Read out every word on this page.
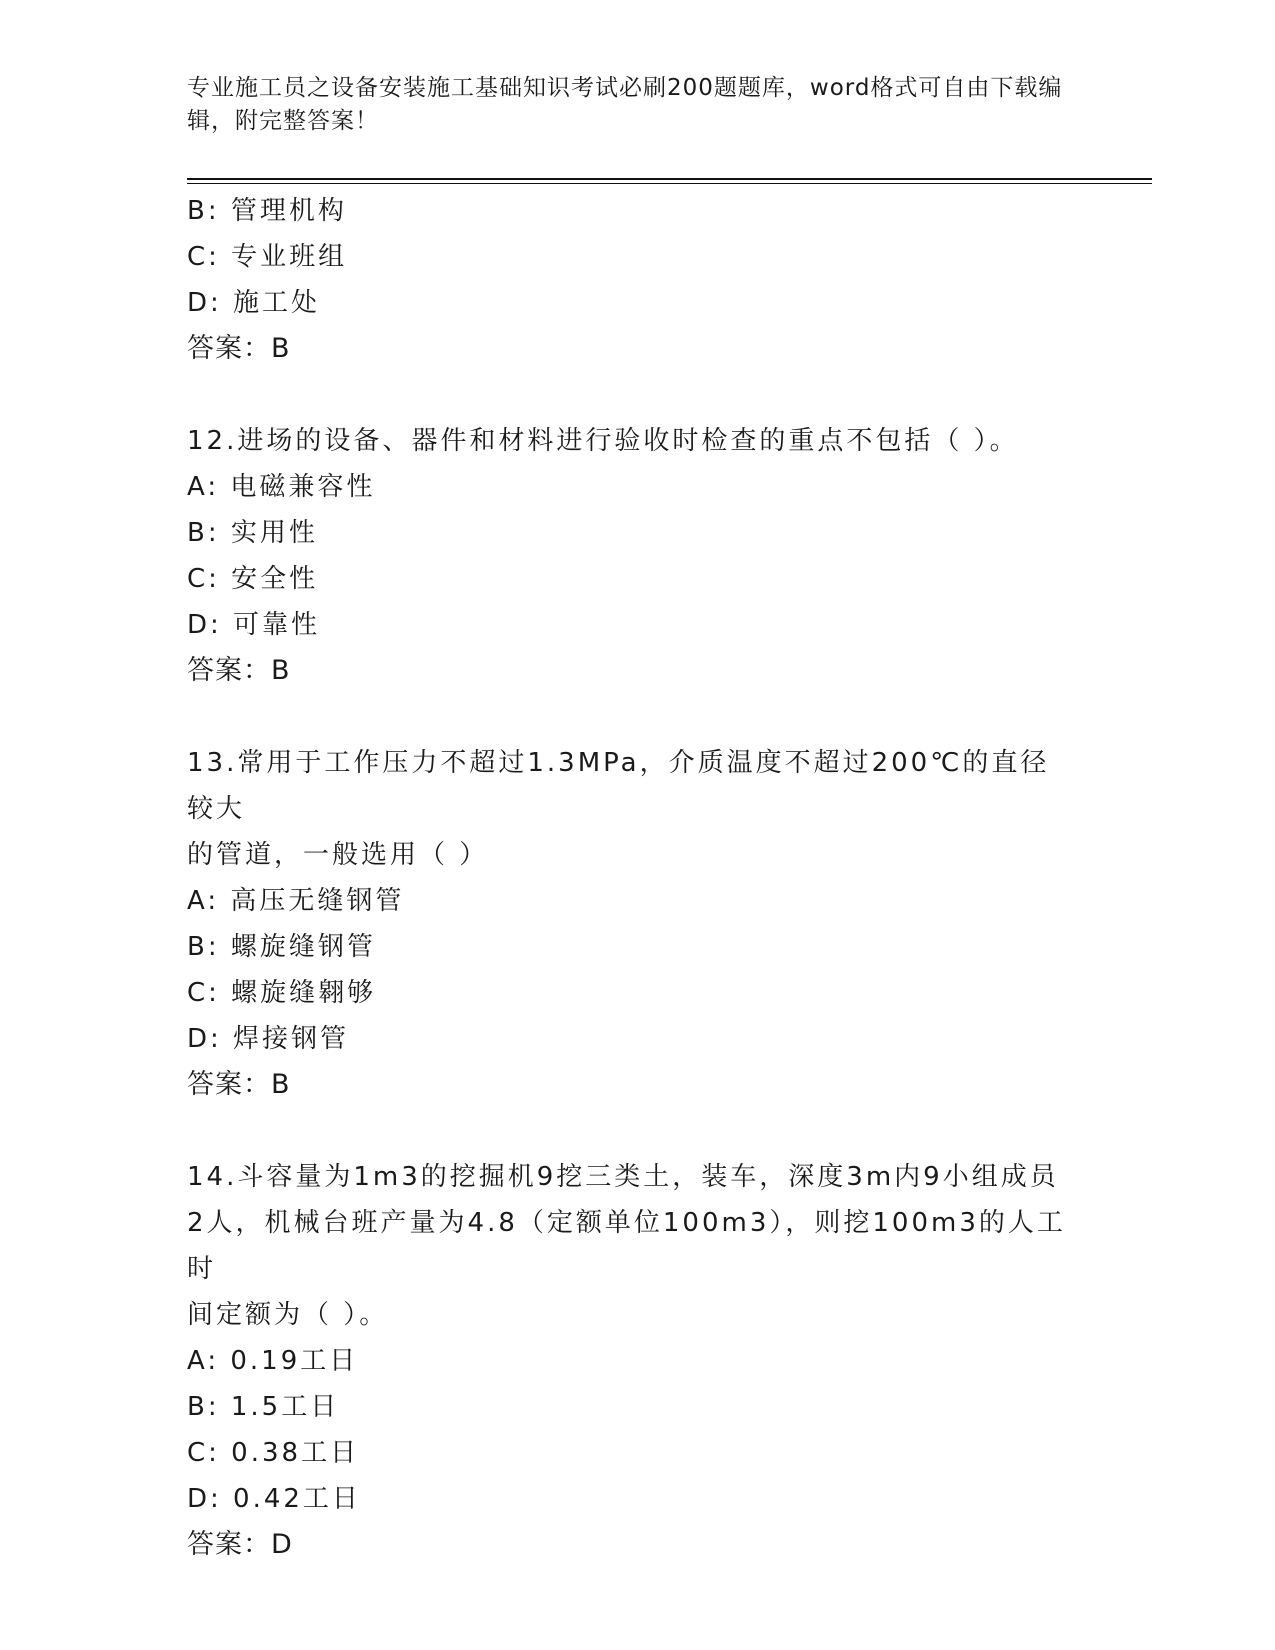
专业施工员之设备安装施工基础知识考试必刷200题题库，word格式可自由下载编辑，附完整答案！
B: 管理机构
C: 专业班组
D: 施工处
答案：B
12.进场的设备、器件和材料进行验收时检查的重点不包括（ ）。
A: 电磁兼容性
B: 实用性
C: 安全性
D: 可靠性
答案：B
13.常用于工作压力不超过1.3MPa，介质温度不超过200℃的直径较大
的管道，一般选用（ ）
A: 高压无缝钢管
B: 螺旋缝钢管
C: 螺旋缝翱够
D: 焊接钢管
答案：B
14.斗容量为1m3的挖掘机9挖三类土，装车，深度3m内9小组成员
2人，机械台班产量为4.8（定额单位100m3），则挖100m3的人工时
间定额为（ ）。
A: 0.19工日
B: 1.5工日
C: 0.38工日
D: 0.42工日
答案：D
